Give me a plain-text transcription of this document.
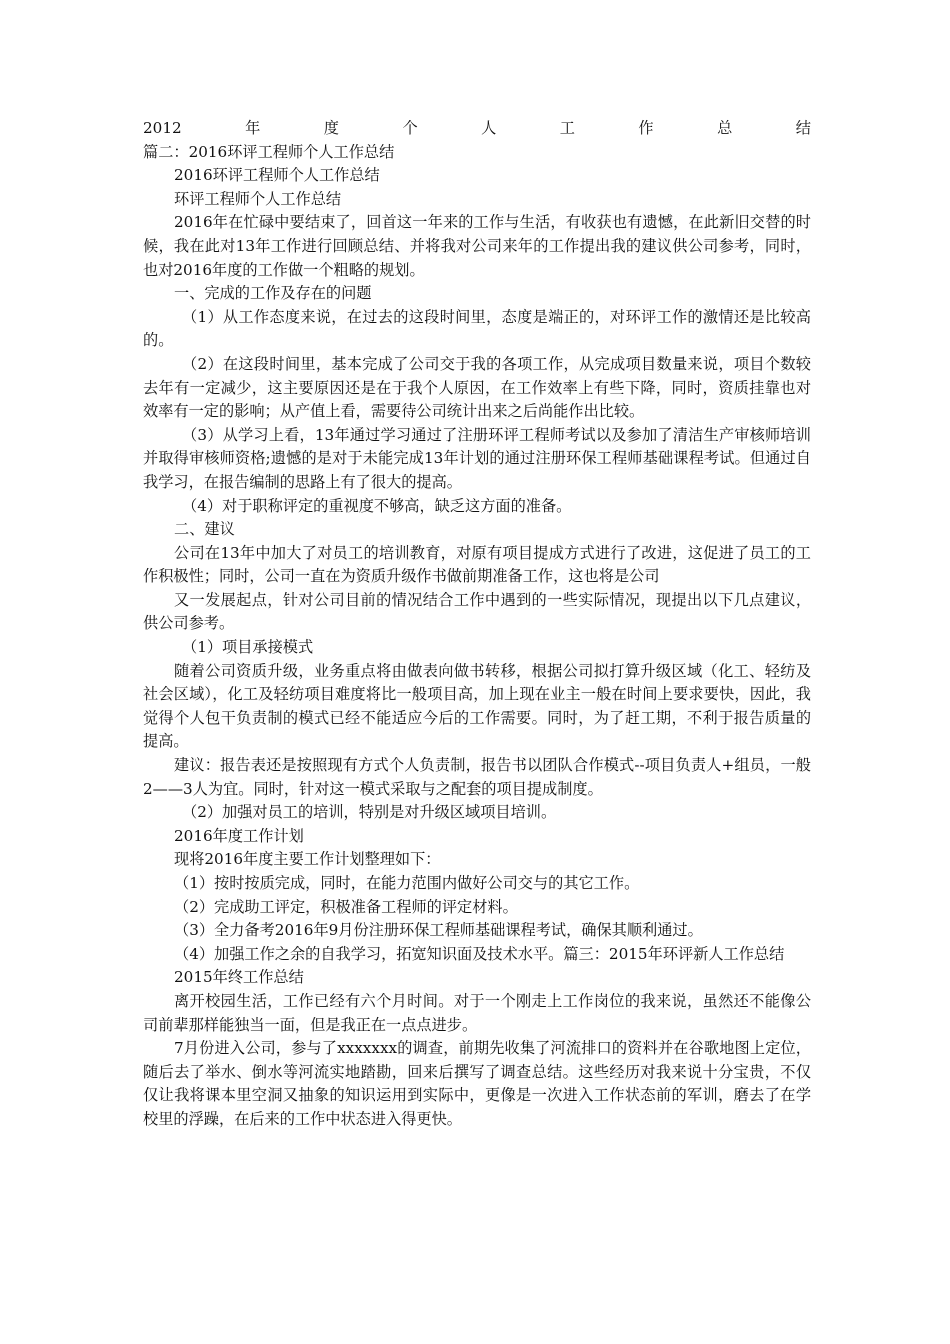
2012	年	度	个	人	工	作	总	结

篇二：2016环评工程师个人工作总结

2016环评工程师个人工作总结

环评工程师个人工作总结

2016年在忙碌中要结束了，回首这一年来的工作与生活，有收获也有遗憾，在此新旧交替的时候，我在此对13年工作进行回顾总结、并将我对公司来年的工作提出我的建议供公司参考，同时，也对2016年度的工作做一个粗略的规划。

一、完成的工作及存在的问题

（1）从工作态度来说，在过去的这段时间里，态度是端正的，对环评工作的激情还是比较高的。

（2）在这段时间里，基本完成了公司交于我的各项工作，从完成项目数量来说，项目个数较去年有一定减少，这主要原因还是在于我个人原因，在工作效率上有些下降，同时，资质挂靠也对效率有一定的影响；从产值上看，需要待公司统计出来之后尚能作出比较。

（3）从学习上看，13年通过学习通过了注册环评工程师考试以及参加了清洁生产审核师培训并取得审核师资格;遗憾的是对于未能完成13年计划的通过注册环保工程师基础课程考试。但通过自我学习，在报告编制的思路上有了很大的提高。

（4）对于职称评定的重视度不够高，缺乏这方面的准备。

二、建议

公司在13年中加大了对员工的培训教育，对原有项目提成方式进行了改进，这促进了员工的工作积极性；同时，公司一直在为资质升级作书做前期准备工作，这也将是公司

又一发展起点，针对公司目前的情况结合工作中遇到的一些实际情况，现提出以下几点建议，供公司参考。

（1）项目承接模式

随着公司资质升级，业务重点将由做表向做书转移，根据公司拟打算升级区域（化工、轻纺及社会区域），化工及轻纺项目难度将比一般项目高，加上现在业主一般在时间上要求要快，因此，我觉得个人包干负责制的模式已经不能适应今后的工作需要。同时，为了赶工期，不利于报告质量的提高。

建议：报告表还是按照现有方式个人负责制，报告书以团队合作模式--项目负责人+组员，一般2——3人为宜。同时，针对这一模式采取与之配套的项目提成制度。

（2）加强对员工的培训，特别是对升级区域项目培训。

2016年度工作计划

现将2016年度主要工作计划整理如下：

（1）按时按质完成，同时，在能力范围内做好公司交与的其它工作。

（2）完成助工评定，积极准备工程师的评定材料。

（3）全力备考2016年9月份注册环保工程师基础课程考试，确保其顺利通过。

（4）加强工作之余的自我学习，拓宽知识面及技术水平。篇三：2015年环评新人工作总结

2015年终工作总结

离开校园生活，工作已经有六个月时间。对于一个刚走上工作岗位的我来说，虽然还不能像公司前辈那样能独当一面，但是我正在一点点进步。

7月份进入公司，参与了xxxxxxx的调查，前期先收集了河流排口的资料并在谷歌地图上定位，随后去了举水、倒水等河流实地踏勘，回来后撰写了调查总结。这些经历对我来说十分宝贵，不仅仅让我将课本里空洞又抽象的知识运用到实际中，更像是一次进入工作状态前的军训，磨去了在学校里的浮躁，在后来的工作中状态进入得更快。
